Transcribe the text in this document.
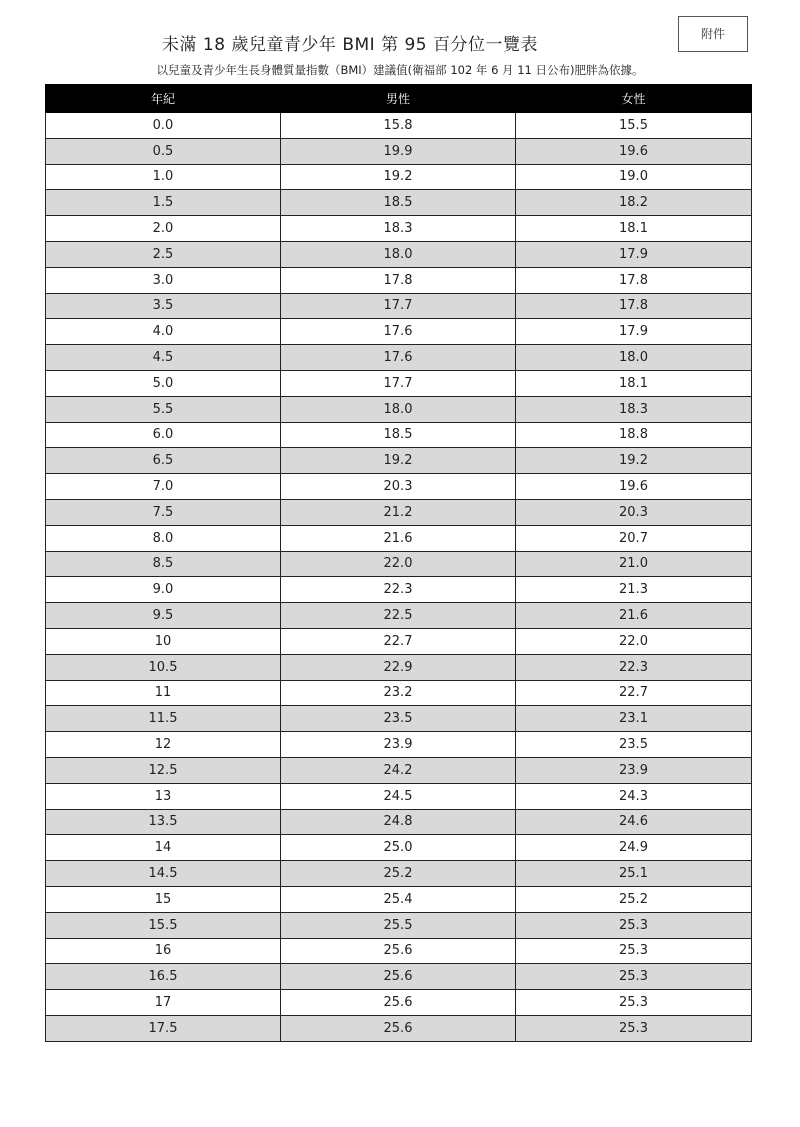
附件
未滿 18 歲兒童青少年 BMI 第 95 百分位一覽表
以兒童及青少年生長身體質量指數（BMI）建議值(衛福部 102 年 6 月 11 日公布)肥胖為依據。
年紀	男性	女性
0.0	15.8	15.5
0.5	19.9	19.6
1.0	19.2	19.0
1.5	18.5	18.2
2.0	18.3	18.1
2.5	18.0	17.9
3.0	17.8	17.8
3.5	17.7	17.8
4.0	17.6	17.9
4.5	17.6	18.0
5.0	17.7	18.1
5.5	18.0	18.3
6.0	18.5	18.8
6.5	19.2	19.2
7.0	20.3	19.6
7.5	21.2	20.3
8.0	21.6	20.7
8.5	22.0	21.0
9.0	22.3	21.3
9.5	22.5	21.6
10	22.7	22.0
10.5	22.9	22.3
11	23.2	22.7
11.5	23.5	23.1
12	23.9	23.5
12.5	24.2	23.9
13	24.5	24.3
13.5	24.8	24.6
14	25.0	24.9
14.5	25.2	25.1
15	25.4	25.2
15.5	25.5	25.3
16	25.6	25.3
16.5	25.6	25.3
17	25.6	25.3
17.5	25.6	25.3
